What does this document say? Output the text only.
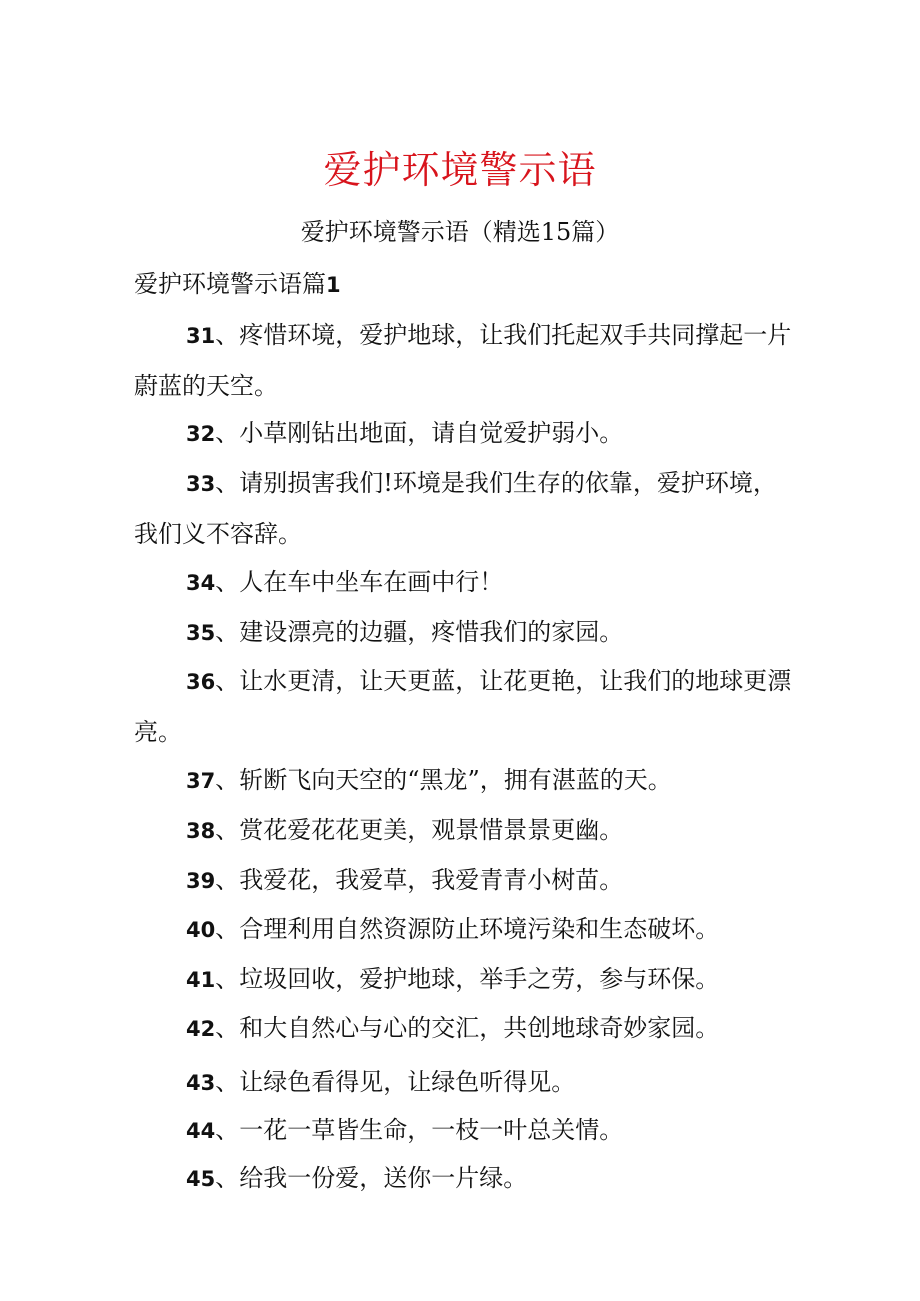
爱护环境警示语
爱护环境警示语（精选15篇）
爱护环境警示语篇1

31、疼惜环境，爱护地球，让我们托起双手共同撑起一片蔚蓝的天空。

32、小草刚钻出地面，请自觉爱护弱小。

33、请别损害我们!环境是我们生存的依靠，爱护环境，我们义不容辞。

34、人在车中坐车在画中行！

35、建设漂亮的边疆，疼惜我们的家园。

36、让水更清，让天更蓝，让花更艳，让我们的地球更漂亮。

37、斩断飞向天空的“黑龙”，拥有湛蓝的天。

38、赏花爱花花更美，观景惜景景更幽。

39、我爱花，我爱草，我爱青青小树苗。

40、合理利用自然资源防止环境污染和生态破坏。

41、垃圾回收，爱护地球，举手之劳，参与环保。

42、和大自然心与心的交汇，共创地球奇妙家园。

43、让绿色看得见，让绿色听得见。

44、一花一草皆生命，一枝一叶总关情。

45、给我一份爱，送你一片绿。
